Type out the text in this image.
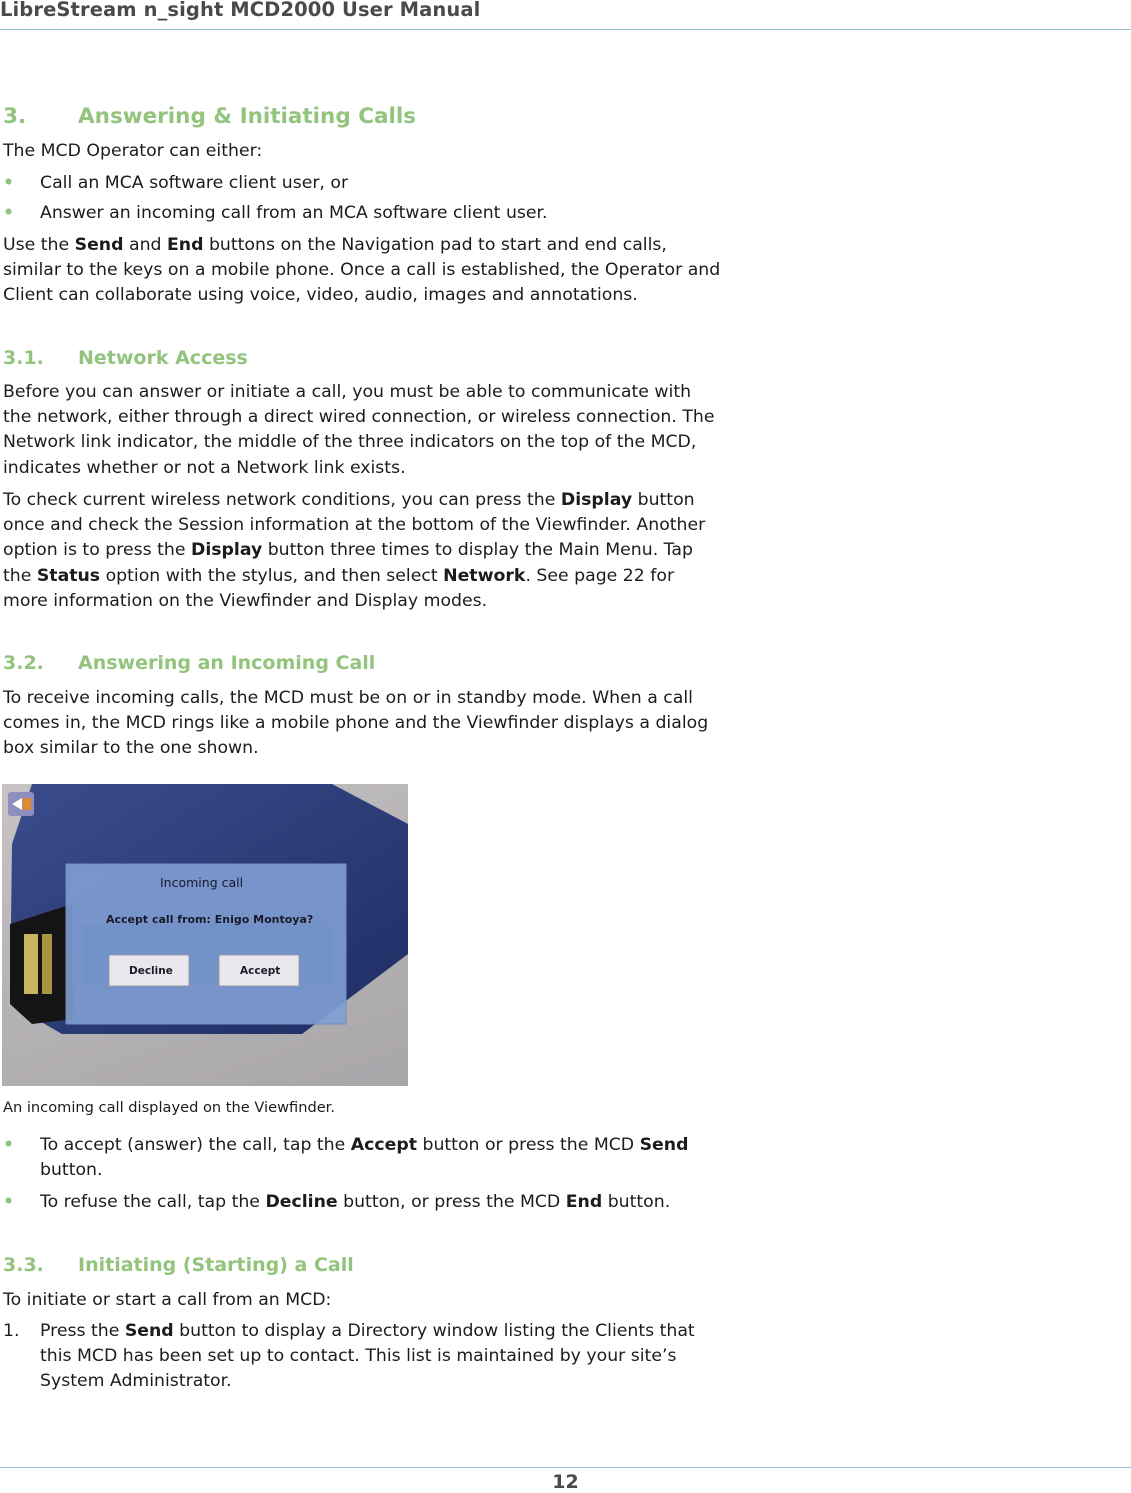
LibreStream n_sight MCD2000 User Manual
3. Answering & Initiating Calls
The MCD Operator can either:
• Call an MCA software client user, or
• Answer an incoming call from an MCA software client user.
Use the Send and End buttons on the Navigation pad to start and end calls, similar to the keys on a mobile phone. Once a call is established, the Operator and Client can collaborate using voice, video, audio, images and annotations.
3.1. Network Access
Before you can answer or initiate a call, you must be able to communicate with the network, either through a direct wired connection, or wireless connection. The Network link indicator, the middle of the three indicators on the top of the MCD, indicates whether or not a Network link exists.
To check current wireless network conditions, you can press the Display button once and check the Session information at the bottom of the Viewfinder. Another option is to press the Display button three times to display the Main Menu. Tap the Status option with the stylus, and then select Network. See page 22 for more information on the Viewfinder and Display modes.
3.2. Answering an Incoming Call
To receive incoming calls, the MCD must be on or in standby mode. When a call comes in, the MCD rings like a mobile phone and the Viewfinder displays a dialog box similar to the one shown.
An incoming call displayed on the Viewfinder.
• To accept (answer) the call, tap the Accept button or press the MCD Send button.
• To refuse the call, tap the Decline button, or press the MCD End button.
3.3. Initiating (Starting) a Call
To initiate or start a call from an MCD:
1. Press the Send button to display a Directory window listing the Clients that this MCD has been set up to contact. This list is maintained by your site’s System Administrator.
Incoming call
Accept call from: Enigo Montoya?
Decline	Accept
12
